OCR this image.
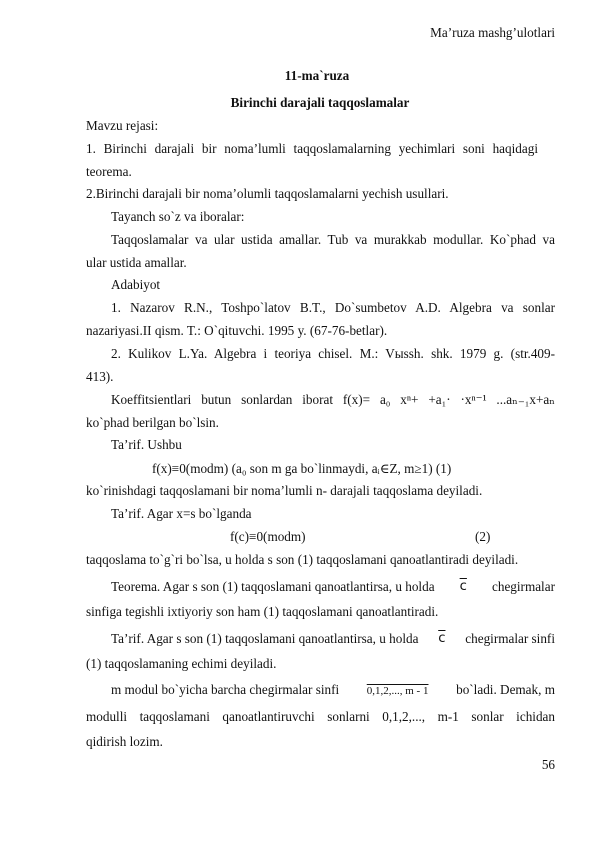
Ma’ruza mashg’ulotlari
11-ma`ruza
Birinchi darajali taqqoslamalar
Mavzu rejasi:
1. Birinchi darajali bir noma’lumli taqqoslamalarning yechimlari soni haqidagi
teorema.
2.Birinchi darajali bir noma’olumli taqqoslamalarni yechish usullari.
Tayanch so`z va iboralar:
Taqqoslamalar va ular ustida amallar. Tub va murakkab modullar. Ko`phad va
ular ustida amallar.
Adabiyot
1. Nazarov R.N., Toshpo`latov B.T., Do`sumbetov A.D. Algebra va sonlar
nazariyasi.II qism. T.: O`qituvchi. 1995 y. (67-76-betlar).
2. Kulikov L.Ya. Algebra i teoriya chisel. M.: Vыssh. shk. 1979 g. (str.409-
413).
Koeffitsientlari butun sonlardan iborat f(x)= a₀ xⁿ+ +a₁· ·xⁿ⁻¹ ...aₙ₋₁x+aₙ
ko`phad berilgan bo`lsin.
Ta’rif. Ushbu
f(x)≡0(modm) (a₀ son m ga bo`linmaydi, aᵢ∈Z, m≥1) (1)
ko`rinishdagi taqqoslamani bir noma’lumli n- darajali taqqoslama deyiladi.
Ta’rif. Agar x=s bo`lganda
f(c)≡0(modm)	(2)
taqqoslama to`g`ri bo`lsa, u holda s son (1) taqqoslamani qanoatlantiradi deyiladi.
Teorema. Agar s son (1) taqqoslamani qanoatlantirsa, u holda $\overline{c}$ chegirmalar
sinfiga tegishli ixtiyoriy son ham (1) taqqoslamani qanoatlantiradi.
Ta’rif. Agar s son (1) taqqoslamani qanoatlantirsa, u holda $\overline{c}$ chegirmalar sinfi
(1) taqqoslamaning echimi deyiladi.
m modul bo`yicha barcha chegirmalar sinfi	0,1,2,..., m - 1 bo`ladi. Demak, m
modulli taqqoslamani qanoatlantiruvchi sonlarni 0,1,2,..., m-1 sonlar ichidan
qidirish lozim.
56
